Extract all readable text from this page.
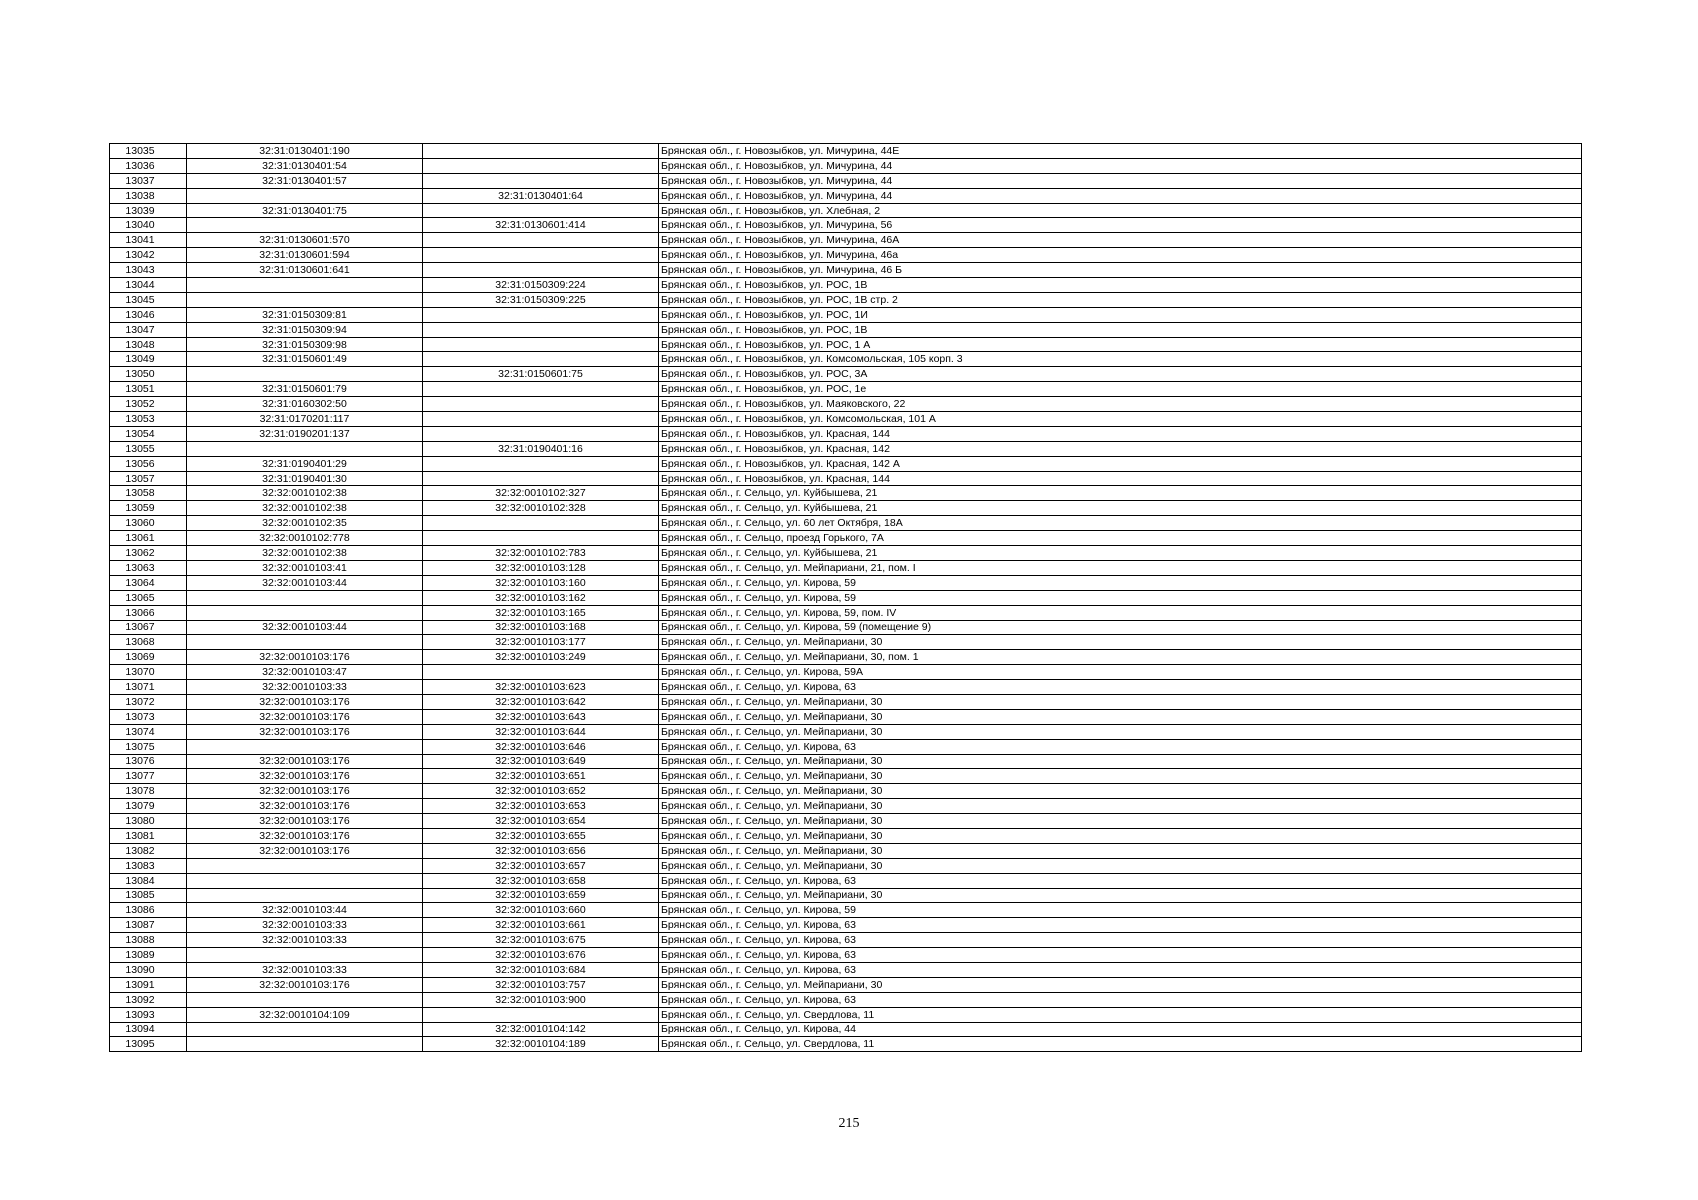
13035	32:31:0130401:190		Брянская обл., г. Новозыбков, ул. Мичурина, 44Е
13036	32:31:0130401:54		Брянская обл., г. Новозыбков, ул. Мичурина, 44
13037	32:31:0130401:57		Брянская обл., г. Новозыбков, ул. Мичурина, 44
13038		32:31:0130401:64	Брянская обл., г. Новозыбков, ул. Мичурина, 44
13039	32:31:0130401:75		Брянская обл., г. Новозыбков, ул. Хлебная, 2
13040		32:31:0130601:414	Брянская обл., г. Новозыбков, ул. Мичурина, 56
13041	32:31:0130601:570		Брянская обл., г. Новозыбков, ул. Мичурина, 46А
13042	32:31:0130601:594		Брянская обл., г. Новозыбков, ул. Мичурина, 46а
13043	32:31:0130601:641		Брянская обл., г. Новозыбков, ул. Мичурина, 46 Б
13044		32:31:0150309:224	Брянская обл., г. Новозыбков, ул. РОС, 1В
13045		32:31:0150309:225	Брянская обл., г. Новозыбков, ул. РОС, 1В стр. 2
13046	32:31:0150309:81		Брянская обл., г. Новозыбков, ул. РОС, 1И
13047	32:31:0150309:94		Брянская обл., г. Новозыбков, ул. РОС, 1В
13048	32:31:0150309:98		Брянская обл., г. Новозыбков, ул. РОС, 1 А
13049	32:31:0150601:49		Брянская обл., г. Новозыбков, ул. Комсомольская, 105 корп. 3
13050		32:31:0150601:75	Брянская обл., г. Новозыбков, ул. РОС, 3А
13051	32:31:0150601:79		Брянская обл., г. Новозыбков, ул. РОС, 1е
13052	32:31:0160302:50		Брянская обл., г. Новозыбков, ул. Маяковского, 22
13053	32:31:0170201:117		Брянская обл., г. Новозыбков, ул. Комсомольская, 101 А
13054	32:31:0190201:137		Брянская обл., г. Новозыбков, ул. Красная, 144
13055		32:31:0190401:16	Брянская обл., г. Новозыбков, ул. Красная, 142
13056	32:31:0190401:29		Брянская обл., г. Новозыбков, ул. Красная, 142 А
13057	32:31:0190401:30		Брянская обл., г. Новозыбков, ул. Красная, 144
13058	32:32:0010102:38	32:32:0010102:327	Брянская обл., г. Сельцо, ул. Куйбышева, 21
13059	32:32:0010102:38	32:32:0010102:328	Брянская обл., г. Сельцо, ул. Куйбышева, 21
13060	32:32:0010102:35		Брянская обл., г. Сельцо, ул. 60 лет Октября, 18А
13061	32:32:0010102:778		Брянская обл., г. Сельцо, проезд Горького, 7А
13062	32:32:0010102:38	32:32:0010102:783	Брянская обл., г. Сельцо, ул. Куйбышева, 21
13063	32:32:0010103:41	32:32:0010103:128	Брянская обл., г. Сельцо, ул. Мейпариани, 21, пом. I
13064	32:32:0010103:44	32:32:0010103:160	Брянская обл., г. Сельцо, ул. Кирова, 59
13065		32:32:0010103:162	Брянская обл., г. Сельцо, ул. Кирова, 59
13066		32:32:0010103:165	Брянская обл., г. Сельцо, ул. Кирова, 59, пом. IV
13067	32:32:0010103:44	32:32:0010103:168	Брянская обл., г. Сельцо, ул. Кирова, 59 (помещение 9)
13068		32:32:0010103:177	Брянская обл., г. Сельцо, ул. Мейпариани, 30
13069	32:32:0010103:176	32:32:0010103:249	Брянская обл., г. Сельцо, ул. Мейпариани, 30, пом. 1
13070	32:32:0010103:47		Брянская обл., г. Сельцо, ул. Кирова, 59А
13071	32:32:0010103:33	32:32:0010103:623	Брянская обл., г. Сельцо, ул. Кирова, 63
13072	32:32:0010103:176	32:32:0010103:642	Брянская обл., г. Сельцо, ул. Мейпариани, 30
13073	32:32:0010103:176	32:32:0010103:643	Брянская обл., г. Сельцо, ул. Мейпариани, 30
13074	32:32:0010103:176	32:32:0010103:644	Брянская обл., г. Сельцо, ул. Мейпариани, 30
13075		32:32:0010103:646	Брянская обл., г. Сельцо, ул. Кирова, 63
13076	32:32:0010103:176	32:32:0010103:649	Брянская обл., г. Сельцо, ул. Мейпариани, 30
13077	32:32:0010103:176	32:32:0010103:651	Брянская обл., г. Сельцо, ул. Мейпариани, 30
13078	32:32:0010103:176	32:32:0010103:652	Брянская обл., г. Сельцо, ул. Мейпариани, 30
13079	32:32:0010103:176	32:32:0010103:653	Брянская обл., г. Сельцо, ул. Мейпариани, 30
13080	32:32:0010103:176	32:32:0010103:654	Брянская обл., г. Сельцо, ул. Мейпариани, 30
13081	32:32:0010103:176	32:32:0010103:655	Брянская обл., г. Сельцо, ул. Мейпариани, 30
13082	32:32:0010103:176	32:32:0010103:656	Брянская обл., г. Сельцо, ул. Мейпариани, 30
13083		32:32:0010103:657	Брянская обл., г. Сельцо, ул. Мейпариани, 30
13084		32:32:0010103:658	Брянская обл., г. Сельцо, ул. Кирова, 63
13085		32:32:0010103:659	Брянская обл., г. Сельцо, ул. Мейпариани, 30
13086	32:32:0010103:44	32:32:0010103:660	Брянская обл., г. Сельцо, ул. Кирова, 59
13087	32:32:0010103:33	32:32:0010103:661	Брянская обл., г. Сельцо, ул. Кирова, 63
13088	32:32:0010103:33	32:32:0010103:675	Брянская обл., г. Сельцо, ул. Кирова, 63
13089		32:32:0010103:676	Брянская обл., г. Сельцо, ул. Кирова, 63
13090	32:32:0010103:33	32:32:0010103:684	Брянская обл., г. Сельцо, ул. Кирова, 63
13091	32:32:0010103:176	32:32:0010103:757	Брянская обл., г. Сельцо, ул. Мейпариани, 30
13092		32:32:0010103:900	Брянская обл., г. Сельцо, ул. Кирова, 63
13093	32:32:0010104:109		Брянская обл., г. Сельцо, ул. Свердлова, 11
13094		32:32:0010104:142	Брянская обл., г. Сельцо, ул. Кирова, 44
13095		32:32:0010104:189	Брянская обл., г. Сельцо, ул. Свердлова, 11
215
